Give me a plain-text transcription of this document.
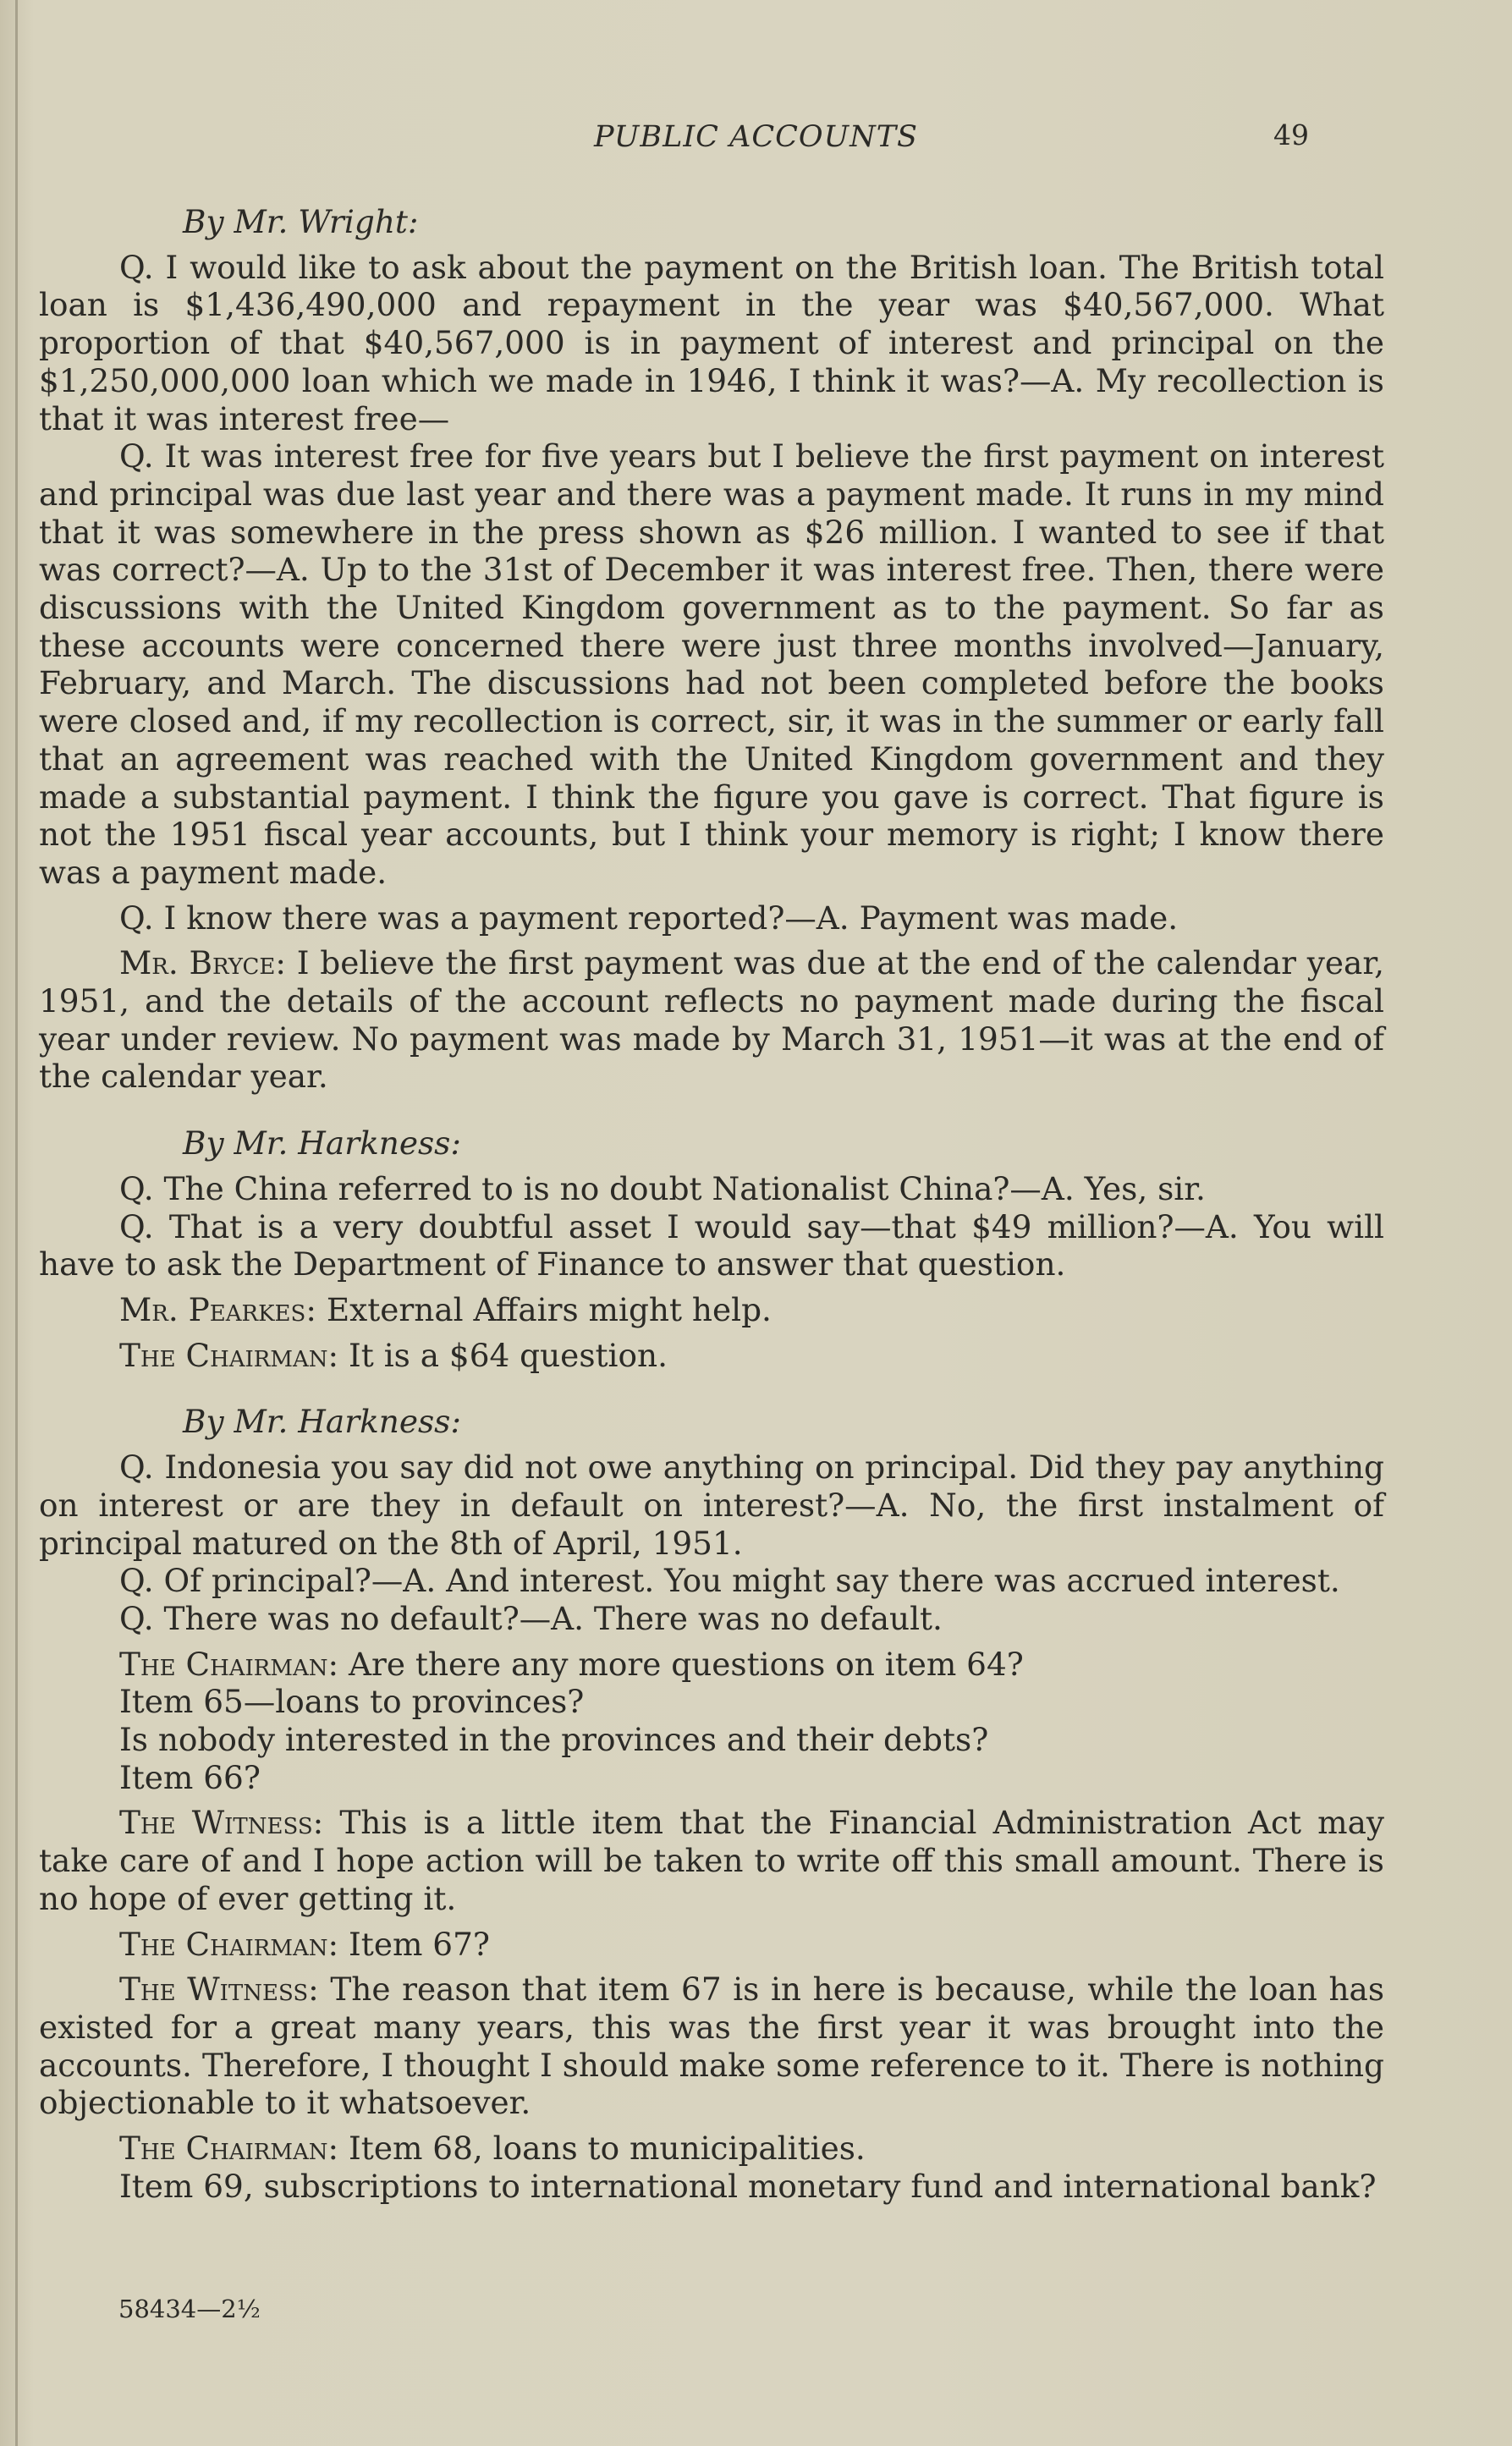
PUBLIC ACCOUNTS	49

By Mr. Wright:

Q. I would like to ask about the payment on the British loan. The British total loan is $1,436,490,000 and repayment in the year was $40,567,000. What proportion of that $40,567,000 is in payment of interest and principal on the $1,250,000,000 loan which we made in 1946, I think it was?—A. My recollection is that it was interest free—

Q. It was interest free for five years but I believe the first payment on interest and principal was due last year and there was a payment made. It runs in my mind that it was somewhere in the press shown as $26 million. I wanted to see if that was correct?—A. Up to the 31st of December it was interest free. Then, there were discussions with the United Kingdom government as to the payment. So far as these accounts were concerned there were just three months involved—January, February, and March. The discussions had not been completed before the books were closed and, if my recollection is correct, sir, it was in the summer or early fall that an agreement was reached with the United Kingdom government and they made a substantial payment. I think the figure you gave is correct. That figure is not the 1951 fiscal year accounts, but I think your memory is right; I know there was a payment made.

Q. I know there was a payment reported?—A. Payment was made.

Mr. Bryce: I believe the first payment was due at the end of the calendar year, 1951, and the details of the account reflects no payment made during the fiscal year under review. No payment was made by March 31, 1951—it was at the end of the calendar year.

By Mr. Harkness:

Q. The China referred to is no doubt Nationalist China?—A. Yes, sir.

Q. That is a very doubtful asset I would say—that $49 million?—A. You will have to ask the Department of Finance to answer that question.

Mr. Pearkes: External Affairs might help.

The Chairman: It is a $64 question.

By Mr. Harkness:

Q. Indonesia you say did not owe anything on principal. Did they pay anything on interest or are they in default on interest?—A. No, the first instalment of principal matured on the 8th of April, 1951.

Q. Of principal?—A. And interest. You might say there was accrued interest.

Q. There was no default?—A. There was no default.

The Chairman: Are there any more questions on item 64?

Item 65—loans to provinces?

Is nobody interested in the provinces and their debts?

Item 66?

The Witness: This is a little item that the Financial Administration Act may take care of and I hope action will be taken to write off this small amount. There is no hope of ever getting it.

The Chairman: Item 67?

The Witness: The reason that item 67 is in here is because, while the loan has existed for a great many years, this was the first year it was brought into the accounts. Therefore, I thought I should make some reference to it. There is nothing objectionable to it whatsoever.

The Chairman: Item 68, loans to municipalities.

Item 69, subscriptions to international monetary fund and international bank?

58434—2½
